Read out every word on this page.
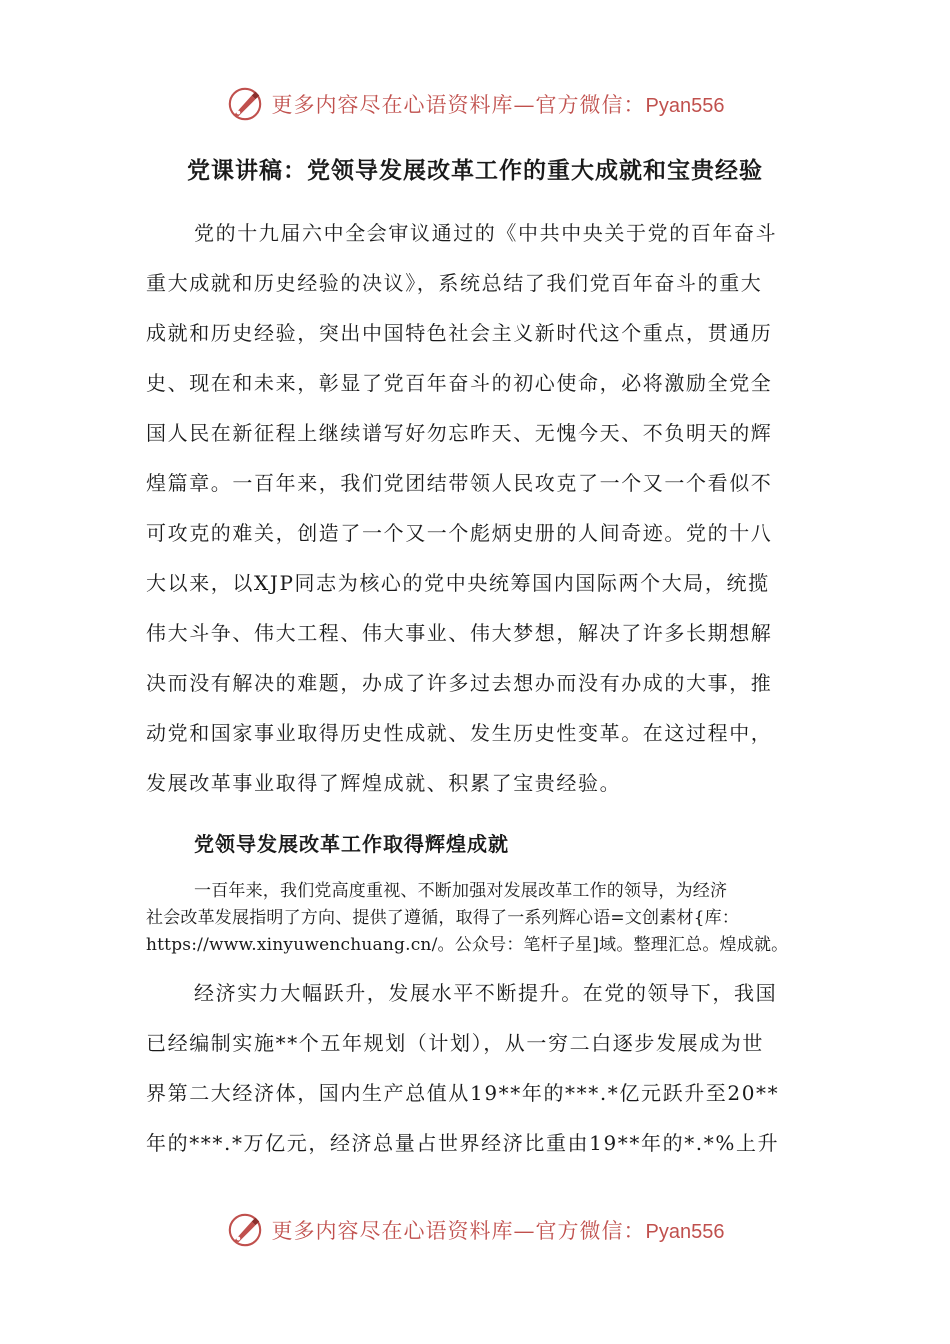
更多内容尽在心语资料库—官方微信：Pyan556
党课讲稿：党领导发展改革工作的重大成就和宝贵经验
党的十九届六中全会审议通过的《中共中央关于党的百年奋斗
重大成就和历史经验的决议》，系统总结了我们党百年奋斗的重大
成就和历史经验，突出中国特色社会主义新时代这个重点，贯通历
史、现在和未来，彰显了党百年奋斗的初心使命，必将激励全党全
国人民在新征程上继续谱写好勿忘昨天、无愧今天、不负明天的辉
煌篇章。一百年来，我们党团结带领人民攻克了一个又一个看似不
可攻克的难关，创造了一个又一个彪炳史册的人间奇迹。党的十八
大以来，以XJP同志为核心的党中央统筹国内国际两个大局，统揽
伟大斗争、伟大工程、伟大事业、伟大梦想，解决了许多长期想解
决而没有解决的难题，办成了许多过去想办而没有办成的大事，推
动党和国家事业取得历史性成就、发生历史性变革。在这过程中，
发展改革事业取得了辉煌成就、积累了宝贵经验。
党领导发展改革工作取得辉煌成就
一百年来，我们党高度重视、不断加强对发展改革工作的领导，为经济
社会改革发展指明了方向、提供了遵循，取得了一系列辉心语=文创素材{库：
https://www.xinyuwenchuang.cn/。公众号：笔杆子星]域。整理汇总。煌成就。
经济实力大幅跃升，发展水平不断提升。在党的领导下，我国
已经编制实施**个五年规划（计划），从一穷二白逐步发展成为世
界第二大经济体，国内生产总值从19**年的***.*亿元跃升至20**
年的***.*万亿元，经济总量占世界经济比重由19**年的*.*%上升
更多内容尽在心语资料库—官方微信：Pyan556
